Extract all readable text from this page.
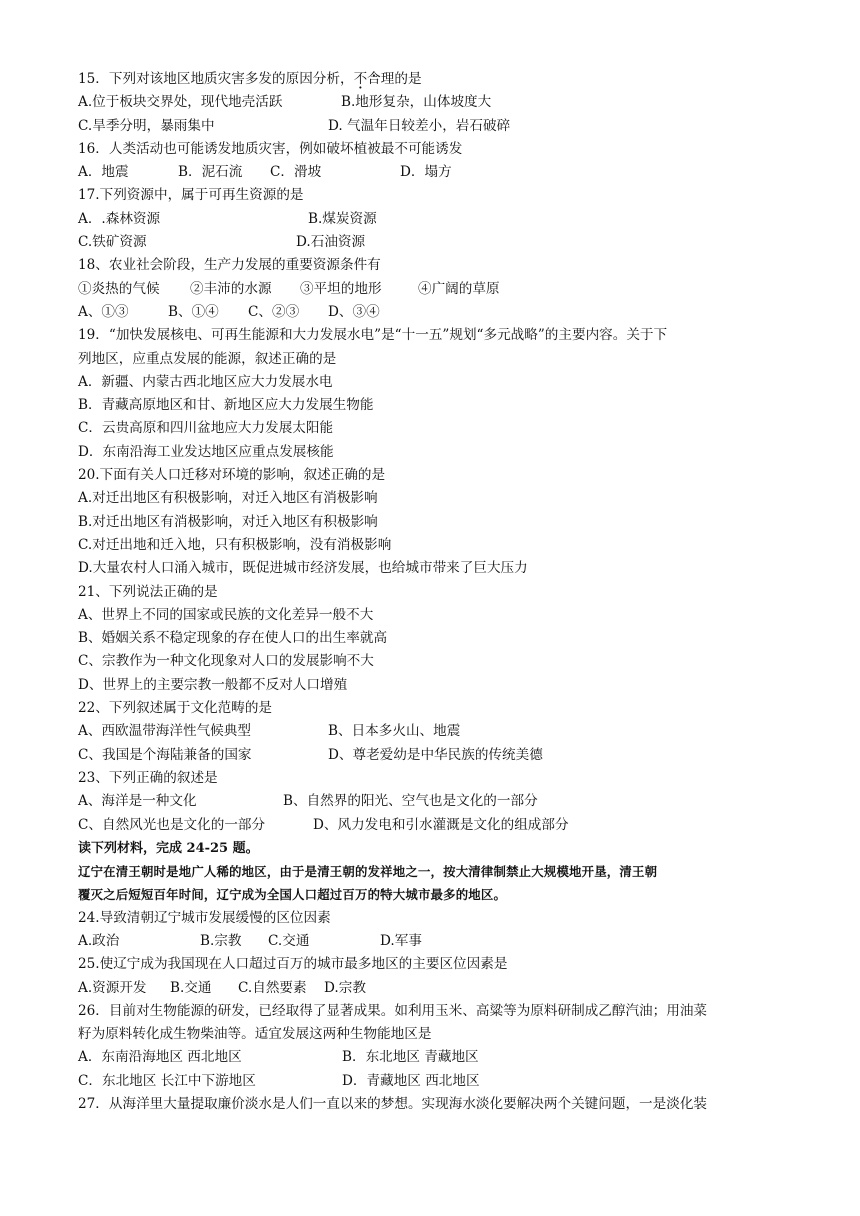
15．下列对该地区地质灾害多发的原因分析，不合 ·理的是
A.位于板块交界处，现代地壳活跃	B.地形复杂，山体坡度大
C.旱季分明，暴雨集中	D. 气温年日较差小，岩石破碎
16．人类活动也可能诱发地质灾害，例如破坏植被最不可能诱发
A．地震	B．泥石流 C．滑坡	D．塌方
17.下列资源中，属于可再生资源的是
A．.森林资源	B.煤炭资源
C.铁矿资源	D.石油资源
18、农业社会阶段，生产力发展的重要资源条件有
①炎热的气候 ②丰沛的水源 ③平坦的地形	④广阔的草原
A、①③	B、①④ C、②③ D、③④
19．“加快发展核电、可再生能源和大力发展水电”是“十一五”规划“多元战略”的主要内容。关于下
列地区，应重点发展的能源，叙述正确的是
A．新疆、内蒙古西北地区应大力发展水电
B．青藏高原地区和甘、新地区应大力发展生物能
C．云贵高原和四川盆地应大力发展太阳能
D．东南沿海工业发达地区应重点发展核能
20.下面有关人口迁移对环境的影响，叙述正确的是
A.对迁出地区有积极影响，对迁入地区有消极影响
B.对迁出地区有消极影响，对迁入地区有积极影响
C.对迁出地和迁入地，只有积极影响，没有消极影响
D.大量农村人口涌入城市，既促进城市经济发展，也给城市带来了巨大压力
21、下列说法正确的是
A、世界上不同的国家或民族的文化差异一般不大
B、婚姻关系不稳定现象的存在使人口的出生率就高
C、宗教作为一种文化现象对人口的发展影响不大
D、世界上的主要宗教一般都不反对人口增殖
22、下列叙述属于文化范畴的是
A、西欧温带海洋性气候典型	B、日本多火山、地震
C、我国是个海陆兼备的国家	D、尊老爱幼是中华民族的传统美德
23、下列正确的叙述是
A、海洋是一种文化	B、自然界的阳光、空气也是文化的一部分
C、自然风光也是文化的一部分	D、风力发电和引水灌溉是文化的组成部分
读下列材料，完成 24-25 题。
辽宁在清王朝时是地广人稀的地区，由于是清王朝的发祥地之一，按大清律制禁止大规模地开垦，清王朝
覆灭之后短短百年时间，辽宁成为全国人口超过百万的特大城市最多的地区。
24.导致清朝辽宁城市发展缓慢的区位因素
A.政治	B.宗教 C.交通	D.军事
25.使辽宁成为我国现在人口超过百万的城市最多地区的主要区位因素是
A.资源开发 B.交通 C.自然要素 D.宗教
26．目前对生物能源的研发，已经取得了显著成果。如利用玉米、高粱等为原料研制成乙醇汽油；用油菜
籽为原料转化成生物柴油等。适宜发展这两种生物能地区是
A．东南沿海地区 西北地区	B．东北地区 青藏地区
C．东北地区 长江中下游地区	D．青藏地区 西北地区
27．从海洋里大量提取廉价淡水是人们一直以来的梦想。实现海水淡化要解决两个关键问题，一是淡化装
